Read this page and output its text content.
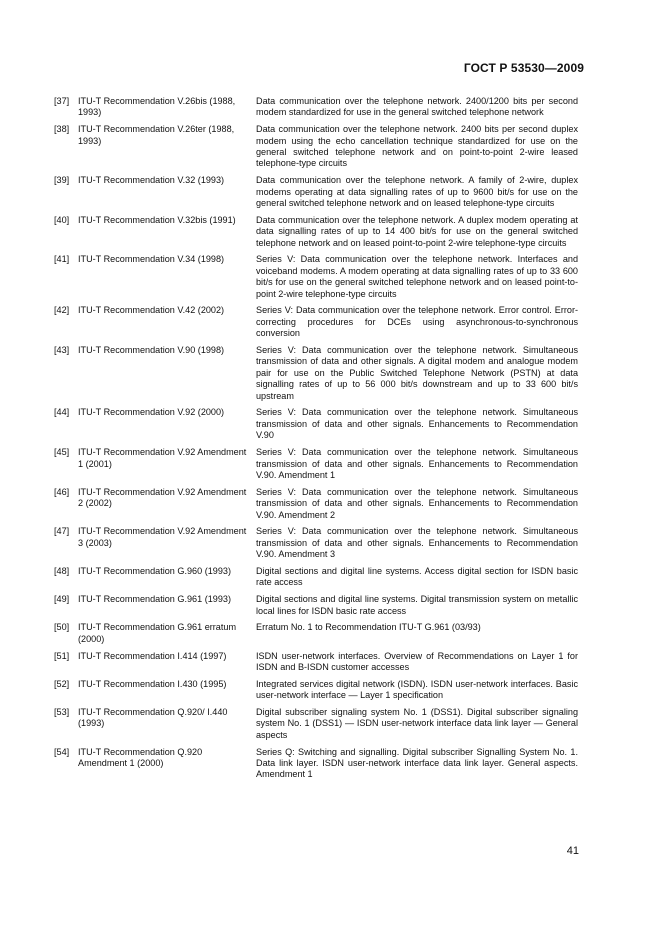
ГОСТ Р 53530—2009
[37] ITU-T Recommendation V.26bis (1988, 1993)
Data communication over the telephone network. 2400/1200 bits per second modem standardized for use in the general switched telephone network
[38] ITU-T Recommendation V.26ter (1988, 1993)
Data communication over the telephone network. 2400 bits per second duplex modem using the echo cancellation technique standardized for use on the general switched telephone network and on point-to-point 2-wire leased telephone-type circuits
[39] ITU-T Recommendation V.32 (1993)	Data communication over the telephone network. A family of 2-wire, duplex modems operating at data signalling rates of up to 9600 bit/s for use on the general switched telephone network and on leased telephone-type circuits
[40] ITU-T Recommendation V.32bis (1991)	Data communication over the telephone network. A duplex modem operating at data signalling rates of up to 14 400 bit/s for use on the general switched telephone network and on leased point-to-point 2-wire telephone-type circuits
[41] ITU-T Recommendation V.34 (1998)	Series V: Data communication over the telephone network. Interfaces and voiceband modems. A modem operating at data signalling rates of up to 33 600 bit/s for use on the general switched telephone network and on leased point-to-point 2-wire telephone-type circuits
[42] ITU-T Recommendation V.42 (2002)	Series V: Data communication over the telephone network. Error control. Error-correcting procedures for DCEs using asynchronous-to-synchronous conversion
[43] ITU-T Recommendation V.90 (1998)	Series V: Data communication over the telephone network. Simultaneous transmission of data and other signals. A digital modem and analogue modem pair for use on the Public Switched Telephone Network (PSTN) at data signalling rates of up to 56 000 bit/s downstream and up to 33 600 bit/s upstream
[44] ITU-T Recommendation V.92 (2000)	Series V: Data communication over the telephone network. Simultaneous transmission of data and other signals. Enhancements to Recommendation V.90
[45] ITU-T Recommendation V.92 Amendment 1 (2001)
Series V: Data communication over the telephone network. Simultaneous transmission of data and other signals. Enhancements to Recommendation V.90. Amendment 1
[46] ITU-T Recommendation V.92 Amendment 2 (2002)
Series V: Data communication over the telephone network. Simultaneous transmission of data and other signals. Enhancements to Recommendation V.90. Amendment 2
[47] ITU-T Recommendation V.92 Amendment 3 (2003)
Series V: Data communication over the telephone network. Simultaneous transmission of data and other signals. Enhancements to Recommendation V.90. Amendment 3
[48] ITU-T Recommendation G.960 (1993)	Digital sections and digital line systems. Access digital section for ISDN basic rate access
[49] ITU-T Recommendation G.961 (1993)	Digital sections and digital line systems. Digital transmission system on metallic local lines for ISDN basic rate access
[50] ITU-T Recommendation G.961 erratum (2000)
Erratum No. 1 to Recommendation ITU-T G.961 (03/93)
[51] ITU-T Recommendation I.414 (1997)	ISDN user-network interfaces. Overview of Recommendations on Layer 1 for ISDN and B-ISDN customer accesses
[52] ITU-T Recommendation I.430 (1995)	Integrated services digital network (ISDN). ISDN user-network interfaces. Basic user-network interface — Layer 1 specification
[53] ITU-T Recommendation Q.920/ I.440 (1993)
Digital subscriber signaling system No. 1 (DSS1). Digital subscriber signaling system No. 1 (DSS1) — ISDN user-network interface data link layer — General aspects
[54] ITU-T Recommendation Q.920 Amendment 1 (2000)
Series Q: Switching and signalling. Digital subscriber Signalling System No. 1. Data link layer. ISDN user-network interface data link layer. General aspects. Amendment 1
41
